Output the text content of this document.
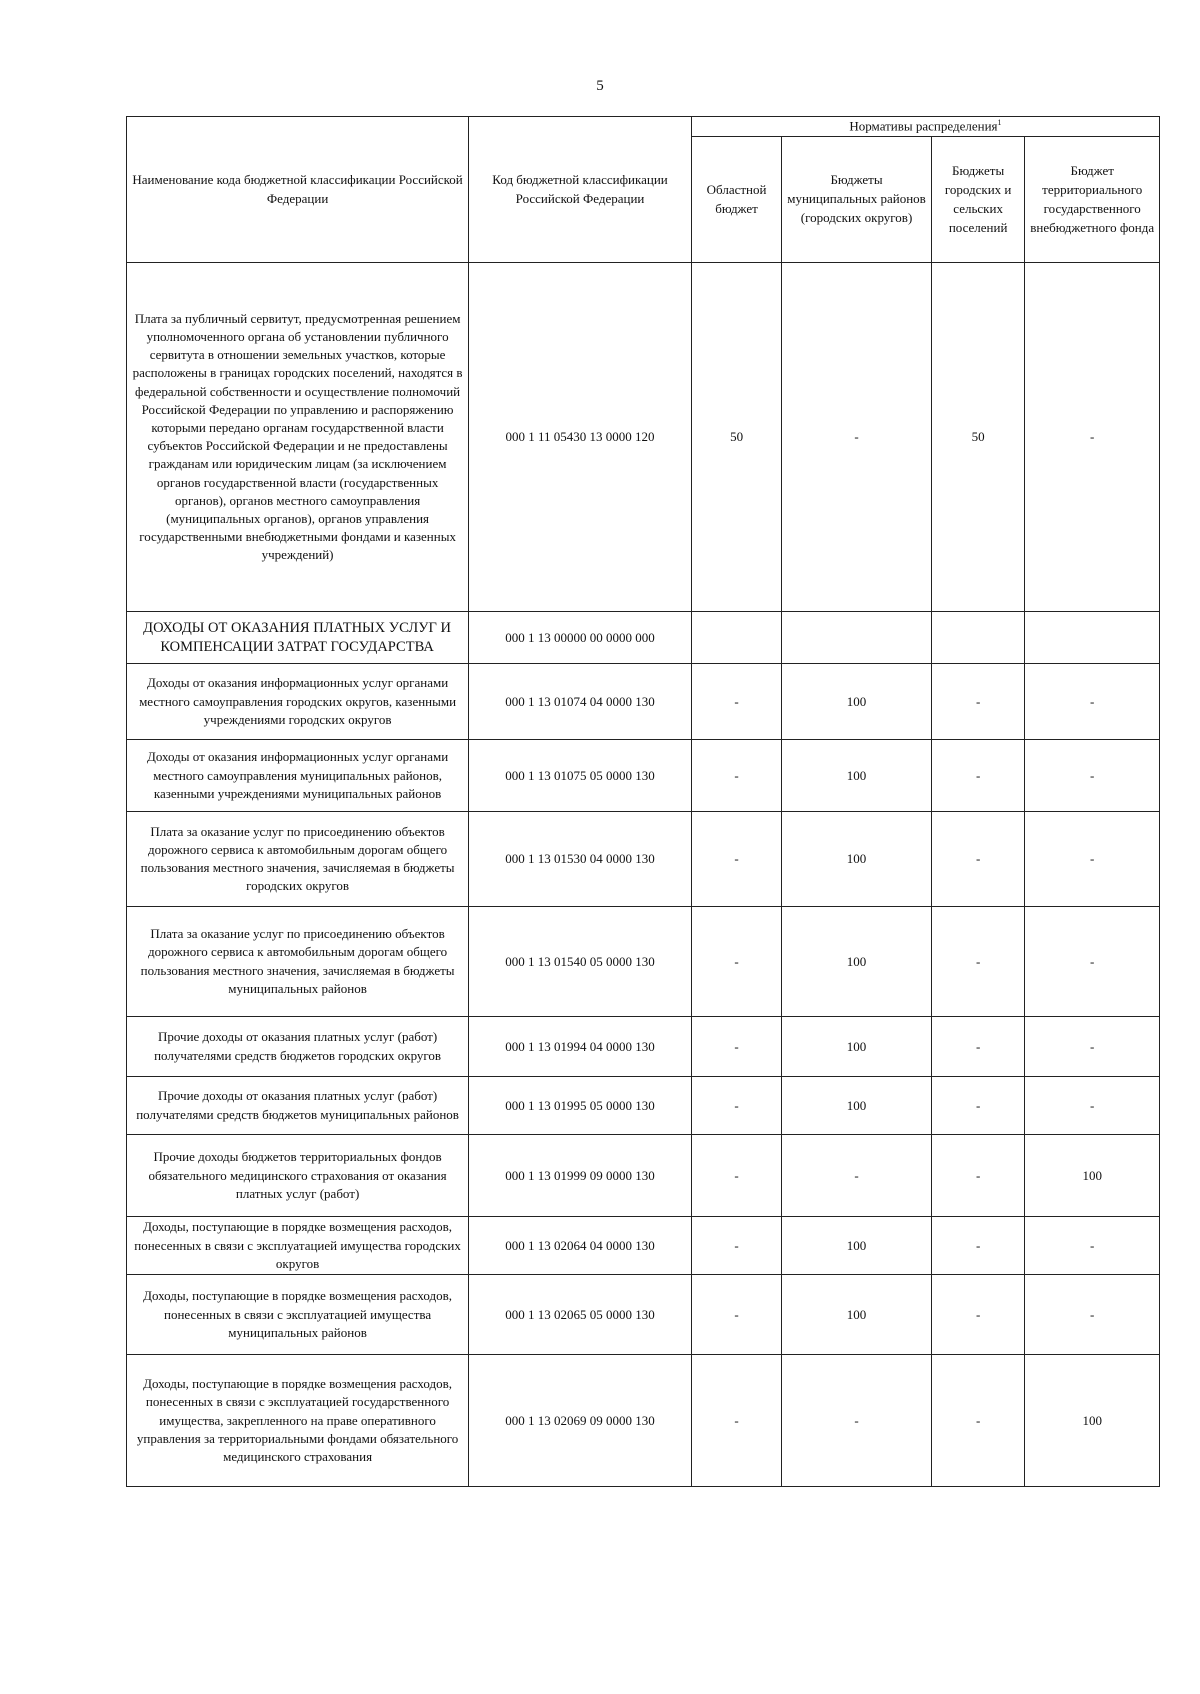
5
Наименование кода бюджетной классификации Российской Федерации	Код бюджетной классификации Российской Федерации	Нормативы распределения$^1$
		Областной бюджет	Бюджеты муниципальных районов (городских округов)	Бюджеты городских и сельских поселений	Бюджет территориального государственного внебюджетного фонда
Плата за публичный сервитут, предусмотренная решением уполномоченного органа об установлении публичного сервитута в отношении земельных участков, которые расположены в границах городских поселений, находятся в федеральной собственности и осуществление полномочий Российской Федерации по управлению и распоряжению которыми передано органам государственной власти субъектов Российской Федерации и не предоставлены гражданам или юридическим лицам (за исключением органов государственной власти (государственных органов), органов местного самоуправления (муниципальных органов), органов управления государственными внебюджетными фондами и казенных учреждений)	000 1 11 05430 13 0000 120	50	-	50	-
ДОХОДЫ ОТ ОКАЗАНИЯ ПЛАТНЫХ УСЛУГ И КОМПЕНСАЦИИ ЗАТРАТ ГОСУДАРСТВА	000 1 13 00000 00 0000 000				
Доходы от оказания информационных услуг органами местного самоуправления городских округов, казенными учреждениями городских округов	000 1 13 01074 04 0000 130	-	100	-	-
Доходы от оказания информационных услуг органами местного самоуправления муниципальных районов, казенными учреждениями муниципальных районов	000 1 13 01075 05 0000 130	-	100	-	-
Плата за оказание услуг по присоединению объектов дорожного сервиса к автомобильным дорогам общего пользования местного значения, зачисляемая в бюджеты городских округов	000 1 13 01530 04 0000 130	-	100	-	-
Плата за оказание услуг по присоединению объектов дорожного сервиса к автомобильным дорогам общего пользования местного значения, зачисляемая в бюджеты муниципальных районов	000 1 13 01540 05 0000 130	-	100	-	-
Прочие доходы от оказания платных услуг (работ) получателями средств бюджетов городских округов	000 1 13 01994 04 0000 130	-	100	-	-
Прочие доходы от оказания платных услуг (работ) получателями средств бюджетов муниципальных районов	000 1 13 01995 05 0000 130	-	100	-	-
Прочие доходы бюджетов территориальных фондов обязательного медицинского страхования от оказания платных услуг (работ)	000 1 13 01999 09 0000 130	-	-	-	100
Доходы, поступающие в порядке возмещения расходов, понесенных в связи с эксплуатацией имущества городских округов	000 1 13 02064 04 0000 130	-	100	-	-
Доходы, поступающие в порядке возмещения расходов, понесенных в связи с эксплуатацией имущества муниципальных районов	000 1 13 02065 05 0000 130	-	100	-	-
Доходы, поступающие в порядке возмещения расходов, понесенных в связи с эксплуатацией государственного имущества, закрепленного на праве оперативного управления за территориальными фондами обязательного медицинского страхования	000 1 13 02069 09 0000 130	-	-	-	100
